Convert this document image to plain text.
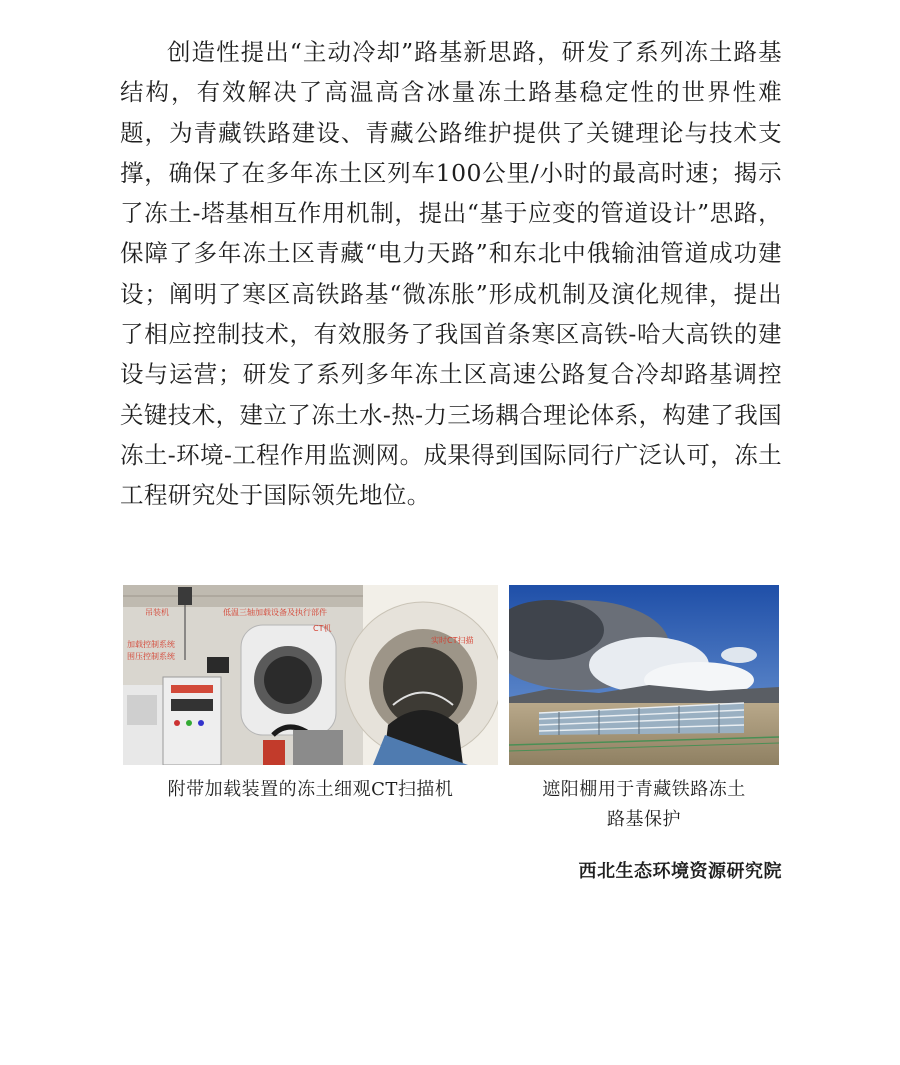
创造性提出“主动冷却”路基新思路，研发了系列冻土路基结构，有效解决了高温高含冰量冻土路基稳定性的世界性难题，为青藏铁路建设、青藏公路维护提供了关键理论与技术支撑，确保了在多年冻土区列车100公里/小时的最高时速；揭示了冻土-塔基相互作用机制，提出“基于应变的管道设计”思路，保障了多年冻土区青藏“电力天路”和东北中俄输油管道成功建设；阐明了寒区高铁路基“微冻胀”形成机制及演化规律，提出了相应控制技术，有效服务了我国首条寒区高铁-哈大高铁的建设与运营；研发了系列多年冻土区高速公路复合冷却路基调控关键技术，建立了冻土水-热-力三场耦合理论体系，构建了我国冻土-环境-工程作用监测网。成果得到国际同行广泛认可，冻土工程研究处于国际领先地位。

吊装机
加载控制系统
围压控制系统
低温三轴加载设备及执行部件
CT机
实时CT扫描
附带加载装置的冻土细观CT扫描机	遮阳棚用于青藏铁路冻土
路基保护
西北生态环境资源研究院
